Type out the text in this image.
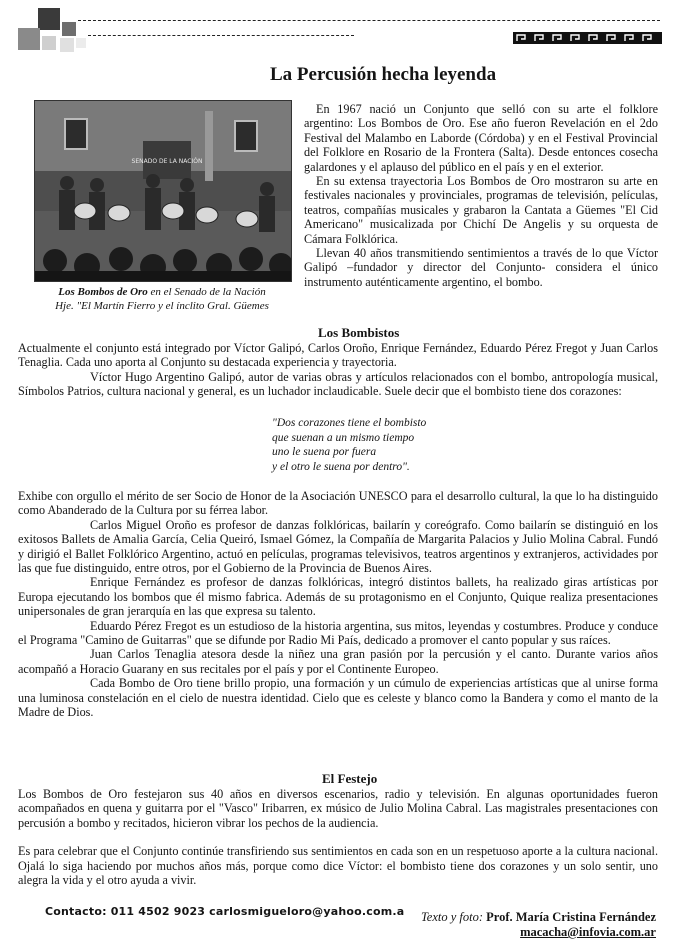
La Percusión hecha leyenda
SENADO DE LA NACIÓN
Los Bombos de Oro en el Senado de la Nación
Hje. "El Martín Fierro y el ínclito Gral. Güemes

En 1967 nació un Conjunto que selló con su arte el folklore argentino: Los Bombos de Oro. Ese año fueron Revelación en el 2do Festival del Malambo en Laborde (Córdoba) y en el Festival Provincial del Folklore en Rosario de la Frontera (Salta). Desde entonces cosecha galardones y el aplauso del público en el país y en el exterior.

En su extensa trayectoria Los Bombos de Oro mostraron su arte en festivales nacionales y provinciales, programas de televisión, películas, teatros, compañías musicales y grabaron la Cantata a Güemes "El Cid Americano" musicalizada por Chichí De Angelis y su orquesta de Cámara Folklórica.

Llevan 40 años transmitiendo sentimientos a través de lo que Víctor Galipó –fundador y director del Conjunto- considera el único instrumento auténticamente argentino, el bombo.

Los Bombistos

Actualmente el conjunto está integrado por Víctor Galipó, Carlos Oroño, Enrique Fernández, Eduardo Pérez Fregot y Juan Carlos Tenaglia. Cada uno aporta al Conjunto su destacada experiencia y trayectoria.

Víctor Hugo Argentino Galipó, autor de varias obras y artículos relacionados con el bombo, antropología musical, Símbolos Patrios, cultura nacional y general, es un luchador inclaudicable. Suele decir que el bombisto tiene dos corazones:

"Dos corazones tiene el bombisto
que suenan a un mismo tiempo
uno le suena por fuera
y el otro le suena por dentro".

Exhibe con orgullo el mérito de ser Socio de Honor de la Asociación UNESCO para el desarrollo cultural, la que lo ha distinguido como Abanderado de la Cultura por su férrea labor.

Carlos Miguel Oroño es profesor de danzas folklóricas, bailarín y coreógrafo. Como bailarín se distinguió en los exitosos Ballets de Amalia García, Celia Queiró, Ismael Gómez, la Compañía de Margarita Palacios y Julio Molina Cabral. Fundó y dirigió el Ballet Folklórico Argentino, actuó en películas, programas televisivos, teatros argentinos y extranjeros, actividades por las que fue distinguido, entre otros, por el Gobierno de la Provincia de Buenos Aires.

Enrique Fernández es profesor de danzas folklóricas, integró distintos ballets, ha realizado giras artísticas por Europa ejecutando los bombos que él mismo fabrica. Además de su protagonismo en el Conjunto, Quique realiza presentaciones unipersonales de gran jerarquía en las que expresa su talento.

Eduardo Pérez Fregot es un estudioso de la historia argentina, sus mitos, leyendas y costumbres. Produce y conduce el Programa "Camino de Guitarras" que se difunde por Radio Mi País, dedicado a promover el canto popular y sus raíces.

Juan Carlos Tenaglia atesora desde la niñez una gran pasión por la percusión y el canto. Durante varios años acompañó a Horacio Guarany en sus recitales por el país y por el Continente Europeo.

Cada Bombo de Oro tiene brillo propio, una formación y un cúmulo de experiencias artísticas que al unirse forma una luminosa constelación en el cielo de nuestra identidad. Cielo que es celeste y blanco como la Bandera y como el manto de la Madre de Dios.

El Festejo

Los Bombos de Oro festejaron sus 40 años en diversos escenarios, radio y televisión. En algunas oportunidades fueron acompañados en quena y guitarra por el "Vasco" Iribarren, ex músico de Julio Molina Cabral. Las magistrales presentaciones con percusión a bombo y recitados, hicieron vibrar los pechos de la audiencia.

Es para celebrar que el Conjunto continúe transfiriendo sus sentimientos en cada son en un respetuoso aporte a la cultura nacional. Ojalá lo siga haciendo por muchos años más, porque como dice Víctor: el bombisto tiene dos corazones y un solo sentir, uno alegra la vida y el otro ayuda a vivir.

Contacto: 011 4502 9023 carlosmigueloro@yahoo.com.a Texto y foto: Prof. María Cristina Fernández
macacha@infovia.com.ar
